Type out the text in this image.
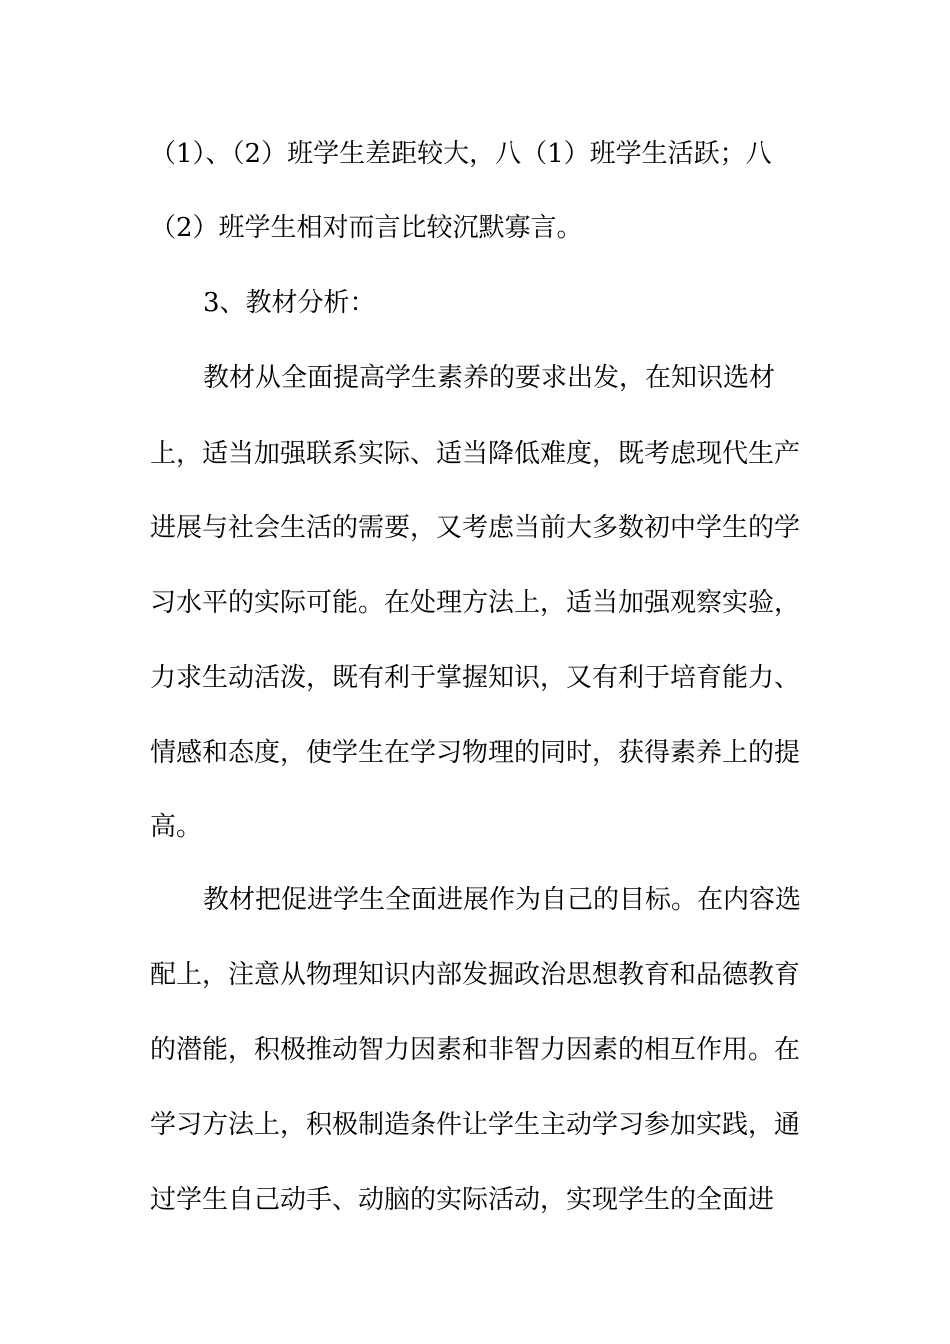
（1）、（2）班学生差距较大，八（1）班学生活跃；八
（2）班学生相对而言比较沉默寡言。
3、教材分析：
教材从全面提高学生素养的要求出发，在知识选材
上，适当加强联系实际、适当降低难度，既考虑现代生产
进展与社会生活的需要，又考虑当前大多数初中学生的学
习水平的实际可能。在处理方法上，适当加强观察实验，
力求生动活泼，既有利于掌握知识，又有利于培育能力、
情感和态度，使学生在学习物理的同时，获得素养上的提
高。
教材把促进学生全面进展作为自己的目标。在内容选
配上，注意从物理知识内部发掘政治思想教育和品德教育
的潜能，积极推动智力因素和非智力因素的相互作用。在
学习方法上，积极制造条件让学生主动学习参加实践，通
过学生自己动手、动脑的实际活动，实现学生的全面进
